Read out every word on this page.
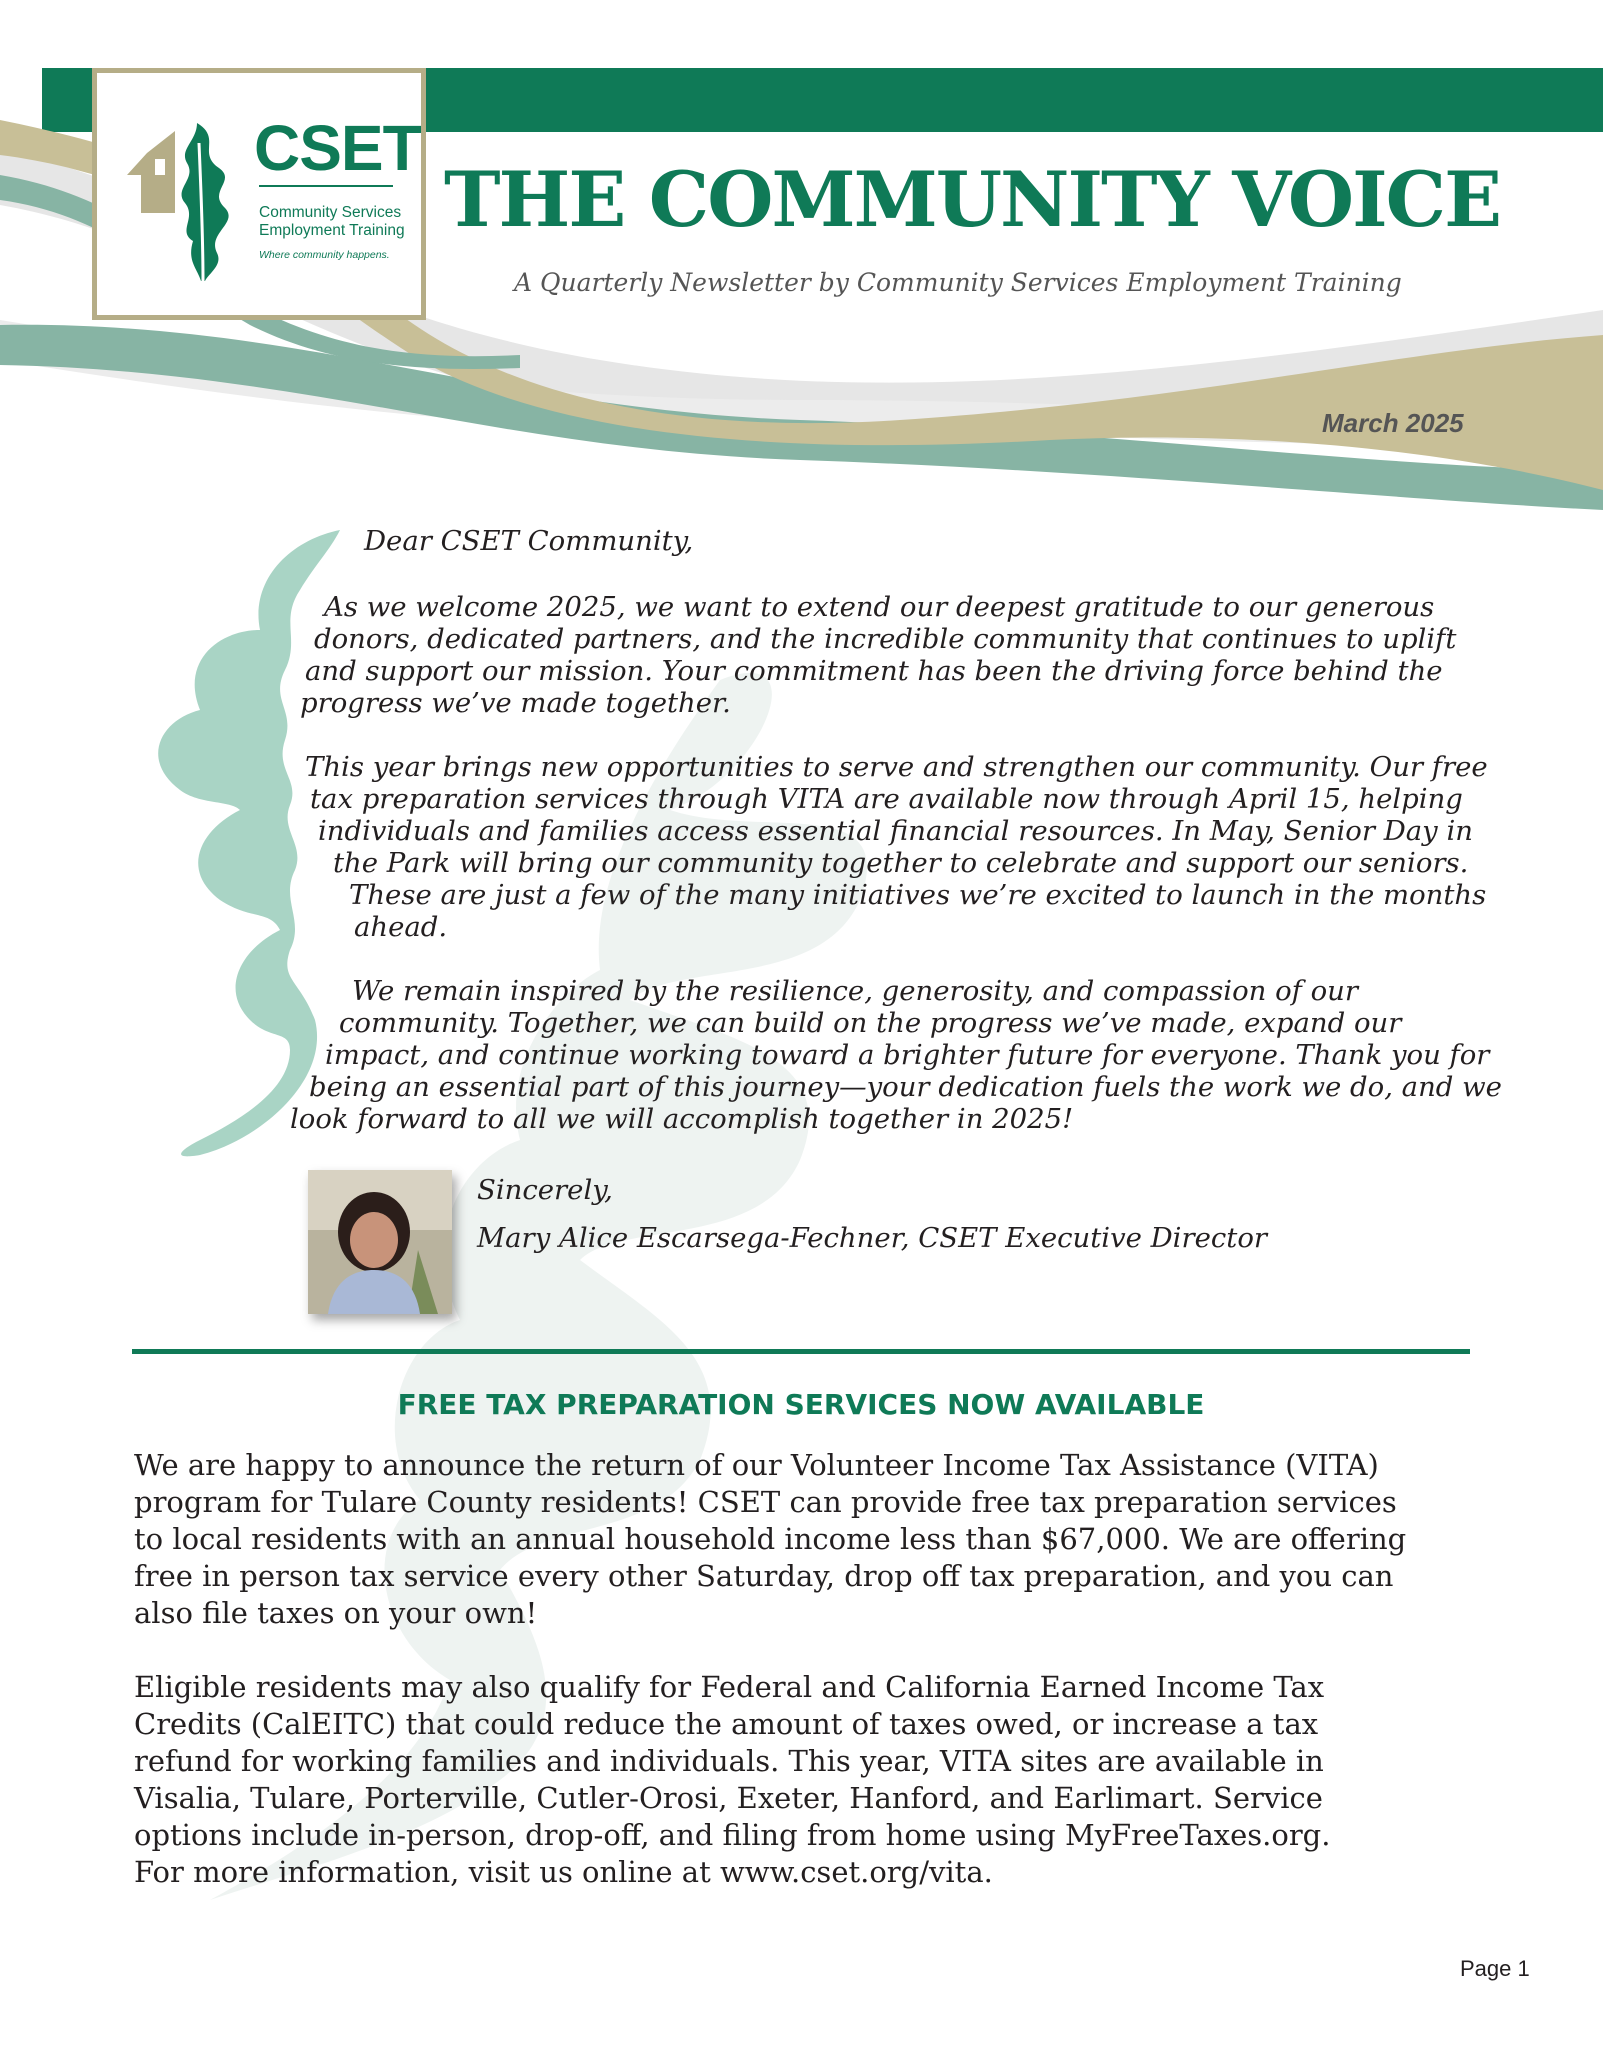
CSET
Community Services
Employment Training
Where community happens.
THE COMMUNITY VOICE
A Quarterly Newsletter by Community Services Employment Training
March 2025
Dear CSET Community,
As we welcome 2025, we want to extend our deepest gratitude to our generous
donors, dedicated partners, and the incredible community that continues to uplift
and support our mission. Your commitment has been the driving force behind the
progress we’ve made together.
This year brings new opportunities to serve and strengthen our community. Our free
tax preparation services through VITA are available now through April 15, helping
individuals and families access essential financial resources. In May, Senior Day in
the Park will bring our community together to celebrate and support our seniors.
These are just a few of the many initiatives we’re excited to launch in the months
ahead.
We remain inspired by the resilience, generosity, and compassion of our
community. Together, we can build on the progress we’ve made, expand our
impact, and continue working toward a brighter future for everyone. Thank you for
being an essential part of this journey—your dedication fuels the work we do, and we
look forward to all we will accomplish together in 2025!
Sincerely,
Mary Alice Escarsega-Fechner, CSET Executive Director
FREE TAX PREPARATION SERVICES NOW AVAILABLE
We are happy to announce the return of our Volunteer Income Tax Assistance (VITA)
program for Tulare County residents! CSET can provide free tax preparation services
to local residents with an annual household income less than $67,000. We are offering
free in person tax service every other Saturday, drop off tax preparation, and you can
also file taxes on your own!
Eligible residents may also qualify for Federal and California Earned Income Tax
Credits (CalEITC) that could reduce the amount of taxes owed, or increase a tax
refund for working families and individuals. This year, VITA sites are available in
Visalia, Tulare, Porterville, Cutler-Orosi, Exeter, Hanford, and Earlimart. Service
options include in-person, drop-off, and filing from home using MyFreeTaxes.org.
For more information, visit us online at www.cset.org/vita.
Page 1
